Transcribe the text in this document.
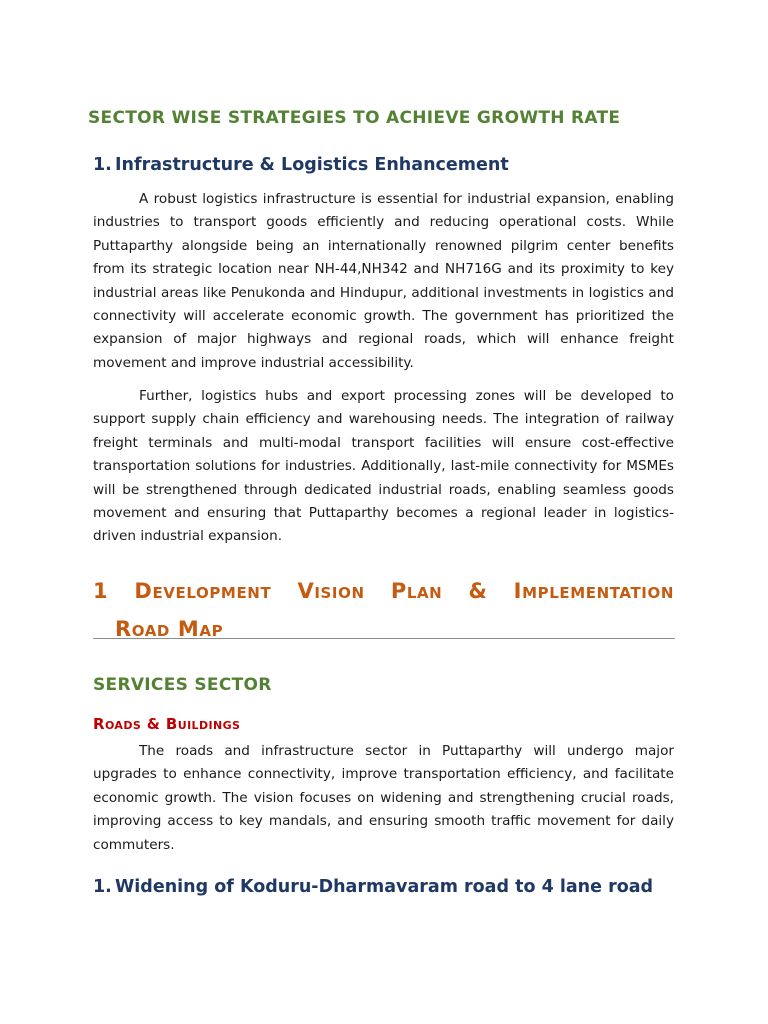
SECTOR WISE STRATEGIES TO ACHIEVE GROWTH RATE
1. Infrastructure & Logistics Enhancement

A robust logistics infrastructure is essential for industrial expansion, enabling industries to transport goods efficiently and reducing operational costs. While Puttaparthy alongside being an internationally renowned pilgrim center benefits from its strategic location near NH-44,NH342 and NH716G and its proximity to key industrial areas like Penukonda and Hindupur, additional investments in logistics and connectivity will accelerate economic growth. The government has prioritized the expansion of major highways and regional roads, which will enhance freight movement and improve industrial accessibility.

Further, logistics hubs and export processing zones will be developed to support supply chain efficiency and warehousing needs. The integration of railway freight terminals and multi-modal transport facilities will ensure cost-effective transportation solutions for industries. Additionally, last-mile connectivity for MSMEs will be strengthened through dedicated industrial roads, enabling seamless goods movement and ensuring that Puttaparthy becomes a regional leader in logistics-driven industrial expansion.

1 Development Vision Plan & Implementation
Road Map
SERVICES SECTOR
Roads & Buildings

The roads and infrastructure sector in Puttaparthy will undergo major upgrades to enhance connectivity, improve transportation efficiency, and facilitate economic growth. The vision focuses on widening and strengthening crucial roads, improving access to key mandals, and ensuring smooth traffic movement for daily commuters.

1. Widening of Koduru-Dharmavaram road to 4 lane road
